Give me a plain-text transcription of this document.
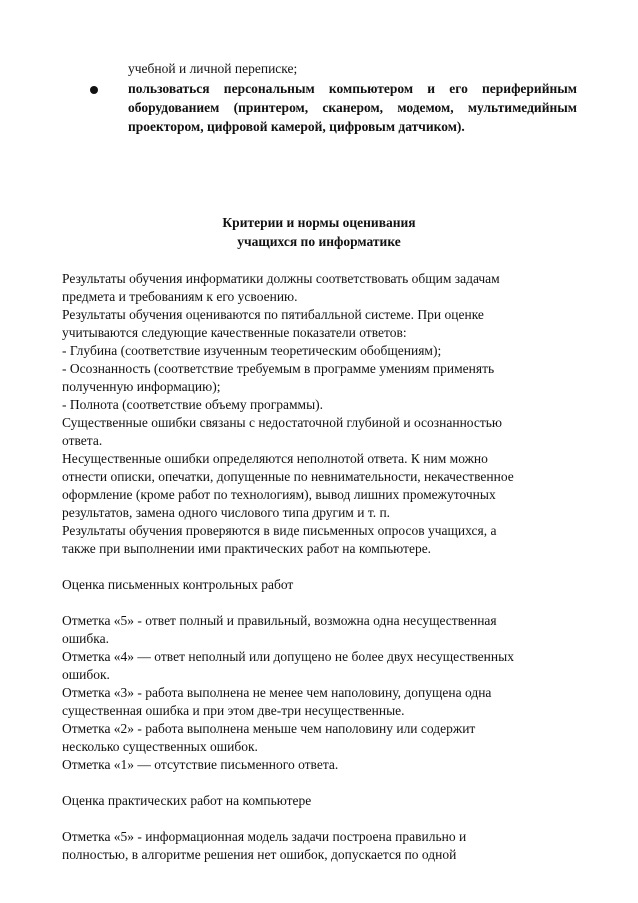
учебной и личной переписке;
пользоваться персональным компьютером и его периферийным оборудованием (принтером, сканером, модемом, мультимедийным проектором, цифровой камерой, цифровым датчиком).
Критерии и нормы оценивания
учащихся по информатике
Результаты обучения информатики должны соответствовать общим задачам
предмета и требованиям к его усвоению.
Результаты обучения оцениваются по пятибалльной системе. При оценке
учитываются следующие качественные показатели ответов:
- Глубина (соответствие изученным теоретическим обобщениям);
- Осознанность (соответствие требуемым в программе умениям применять
полученную информацию);
- Полнота (соответствие объему программы).
Существенные ошибки связаны с недостаточной глубиной и осознанностью
ответа.
Несущественные ошибки определяются неполнотой ответа. К ним можно
отнести описки, опечатки, допущенные по невнимательности, некачественное
оформление (кроме работ по технологиям), вывод лишних промежуточных
результатов, замена одного числового типа другим и т. п.
Результаты обучения проверяются в виде письменных опросов учащихся, а
также при выполнении ими практических работ на компьютере.
Оценка письменных контрольных работ
Отметка «5» - ответ полный и правильный, возможна одна несущественная
ошибка.
Отметка «4» — ответ неполный или допущено не более двух несущественных
ошибок.
Отметка «3» - работа выполнена не менее чем наполовину, допущена одна
существенная ошибка и при этом две-три несущественные.
Отметка «2» - работа выполнена меньше чем наполовину или содержит
несколько существенных ошибок.
Отметка «1» — отсутствие письменного ответа.
Оценка практических работ на компьютере
Отметка «5» - информационная модель задачи построена правильно и
полностью, в алгоритме решения нет ошибок, допускается по одной
